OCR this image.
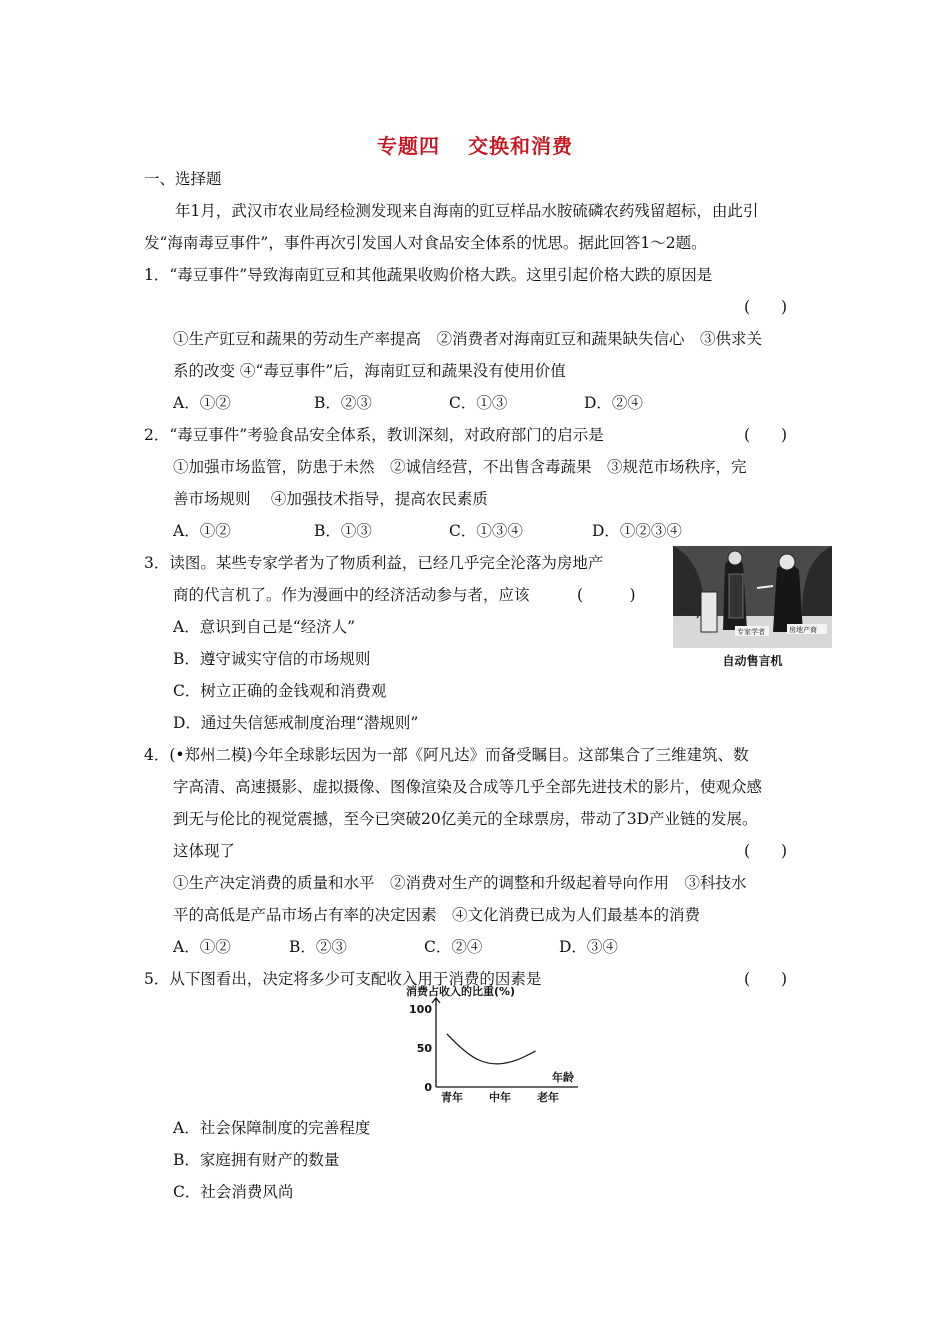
专题四 交换和消费
一、选择题
年1月，武汉市农业局经检测发现来自海南的豇豆样品水胺硫磷农药残留超标，由此引
发“海南毒豆事件”，事件再次引发国人对食品安全体系的忧思。据此回答1～2题。
1．“毒豆事件”导致海南豇豆和其他蔬果收购价格大跌。这里引起价格大跌的原因是
(　　)
①生产豇豆和蔬果的劳动生产率提高　②消费者对海南豇豆和蔬果缺失信心　③供求关
系的改变 ④“毒豆事件”后，海南豇豆和蔬果没有使用价值
A．①②	B．②③	C．①③	D．②④
2．“毒豆事件”考验食品安全体系，教训深刻，对政府部门的启示是	(　　)
①加强市场监管，防患于未然　②诚信经营，不出售含毒蔬果　③规范市场秩序，完
善市场规则　 ④加强技术指导，提高农民素质
A．①②	B．①③	C．①③④	D．①②③④
3．读图。某些专家学者为了物质利益，已经几乎完全沦落为房地产
商的代言机了。作为漫画中的经济活动参与者，应该	(　　　)
A．意识到自己是“经济人”
B．遵守诚实守信的市场规则
C．树立正确的金钱观和消费观
D．通过失信惩戒制度治理“潜规则”
专家学者	房地产商
自动售言机
4．(•郑州二模)今年全球影坛因为一部《阿凡达》而备受瞩目。这部集合了三维建筑、数
字高清、高速摄影、虚拟摄像、图像渲染及合成等几乎全部先进技术的影片，使观众感
到无与伦比的视觉震撼，至今已突破20亿美元的全球票房，带动了3D产业链的发展。
这体现了	(　　)
①生产决定消费的质量和水平　②消费对生产的调整和升级起着导向作用　③科技水
平的高低是产品市场占有率的决定因素　④文化消费已成为人们最基本的消费
A．①②	B．②③	C．②④	D．③④
5．从下图看出，决定将多少可支配收入用于消费的因素是	(　　)
消费占收入的比重(%)
0
50
100
青年 中年 老年
年龄
A．社会保障制度的完善程度
B．家庭拥有财产的数量
C．社会消费风尚
